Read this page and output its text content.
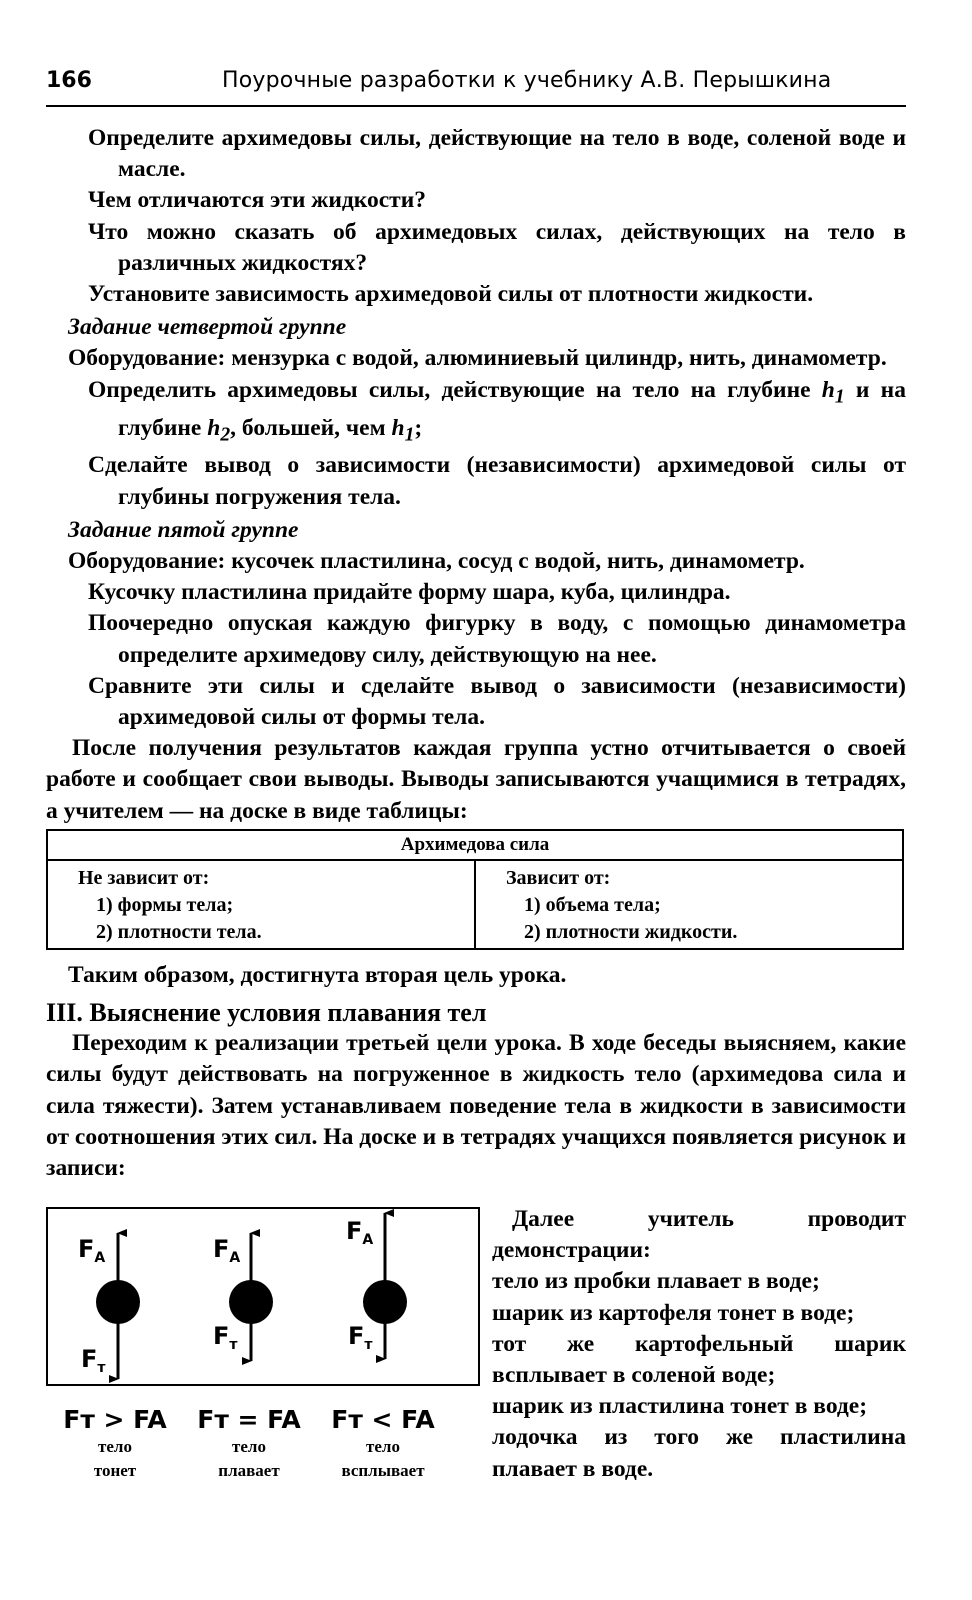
166	Поурочные разработки к учебнику А.В. Перышкина

Определите архимедовы силы, действующие на тело в воде, соленой воде и масле.

Чем отличаются эти жидкости?

Что можно сказать об архимедовых силах, действующих на тело в различных жидкостях?

Установите зависимость архимедовой силы от плотности жидкости.

Задание четвертой группе

Оборудование: мензурка с водой, алюминиевый цилиндр, нить, динамометр.

Определить архимедовы силы, действующие на тело на глубине $h_1$ и на глубине $h_2$, большей, чем $h_1$;

Сделайте вывод о зависимости (независимости) архимедовой силы от глубины погружения тела.

Задание пятой группе

Оборудование: кусочек пластилина, сосуд с водой, нить, динамометр.

Кусочку пластилина придайте форму шара, куба, цилиндра.

Поочередно опуская каждую фигурку в воду, с помощью динамометра определите архимедову силу, действующую на нее.

Сравните эти силы и сделайте вывод о зависимости (независимости) архимедовой силы от формы тела.

После получения результатов каждая группа устно отчитывается о своей работе и сообщает свои выводы. Выводы записываются учащимися в тетрадях, а учителем — на доске в виде таблицы:

Архимедова сила

Не зависит от:
1) формы тела;
2) плотности тела.

Зависит от:
1) объема тела;
2) плотности жидкости.

Таким образом, достигнута вторая цель урока.

III. Выяснение условия плавания тел

Переходим к реализации третьей цели урока. В ходе беседы выясняем, какие силы будут действовать на погруженное в жидкость тело (архимедова сила и сила тяжести). Затем устанавливаем поведение тела в жидкости в зависимости от соотношения этих сил. На доске и в тетрадях учащихся появляется рисунок и записи:

$F_A$
$F_т$
$F_A$
$F_т$
$F_A$
$F_т$
Fт > FA
тело
тонет
Fт = FA
тело
плавает
Fт < FA
тело
всплывает

Далее учитель проводит демонстрации:

тело из пробки плавает в воде;

шарик из картофеля тонет в воде;

тот же картофельный шарик всплывает в соленой воде;

шарик из пластилина тонет в воде;

лодочка из того же пластилина плавает в воде.
